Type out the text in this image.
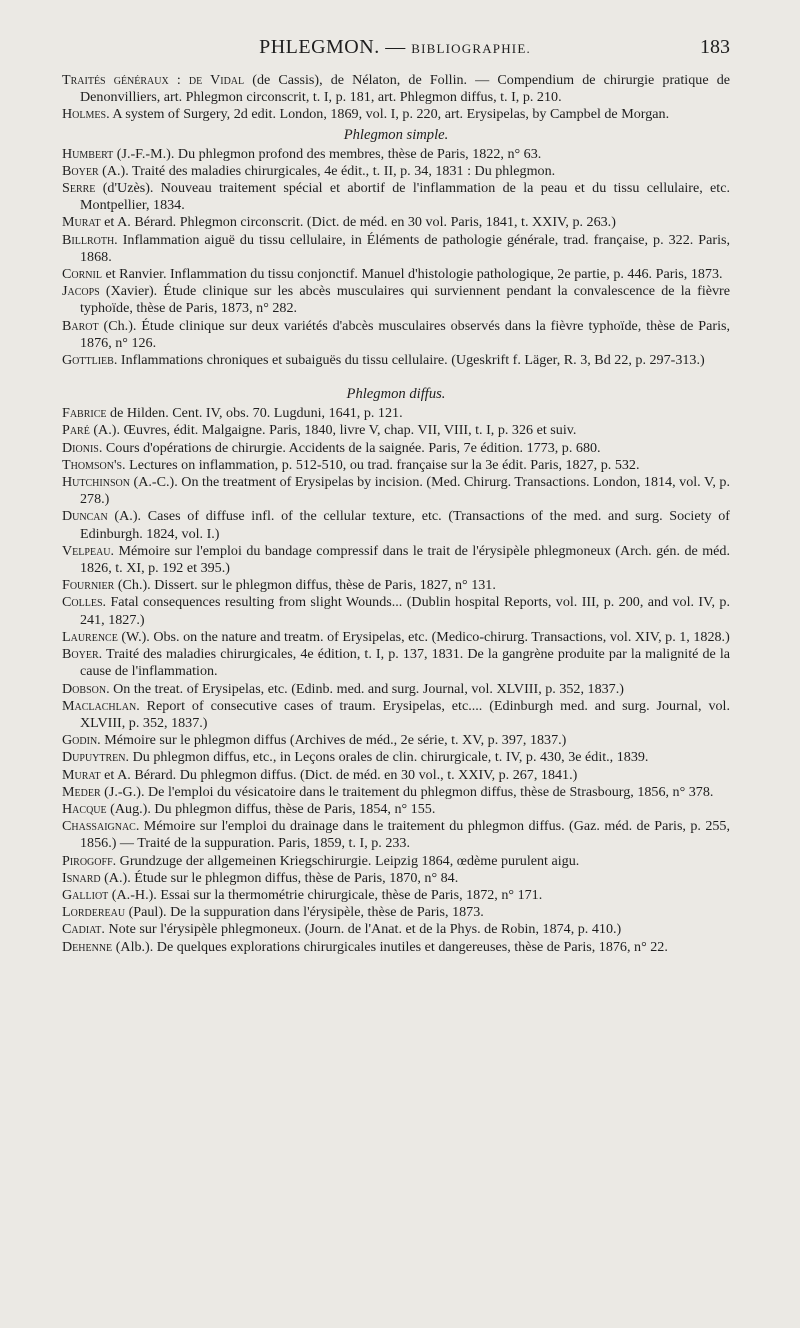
PHLEGMON. — BIBLIOGRAPHIE.	183

Traités généraux : de Vidal (de Cassis), de Nélaton, de Follin. — Compendium de chirurgie pratique de Denonvilliers, art. Phlegmon circonscrit, t. I, p. 181, art. Phlegmon diffus, t. I, p. 210.

Holmes. A system of Surgery, 2d edit. London, 1869, vol. I, p. 220, art. Erysipelas, by Campbel de Morgan.

Phlegmon simple.

Humbert (J.-F.-M.). Du phlegmon profond des membres, thèse de Paris, 1822, n° 63.

Boyer (A.). Traité des maladies chirurgicales, 4e édit., t. II, p. 34, 1831 : Du phlegmon.

Serre (d'Uzès). Nouveau traitement spécial et abortif de l'inflammation de la peau et du tissu cellulaire, etc. Montpellier, 1834.

Murat et A. Bérard. Phlegmon circonscrit. (Dict. de méd. en 30 vol. Paris, 1841, t. XXIV, p. 263.)

Billroth. Inflammation aiguë du tissu cellulaire, in Éléments de pathologie générale, trad. française, p. 322. Paris, 1868.

Cornil et Ranvier. Inflammation du tissu conjonctif. Manuel d'histologie pathologique, 2e partie, p. 446. Paris, 1873.

Jacops (Xavier). Étude clinique sur les abcès musculaires qui surviennent pendant la convalescence de la fièvre typhoïde, thèse de Paris, 1873, n° 282.

Barot (Ch.). Étude clinique sur deux variétés d'abcès musculaires observés dans la fièvre typhoïde, thèse de Paris, 1876, n° 126.

Gottlieb. Inflammations chroniques et subaiguës du tissu cellulaire. (Ugeskrift f. Läger, R. 3, Bd 22, p. 297-313.)

Phlegmon diffus.

Fabrice de Hilden. Cent. IV, obs. 70. Lugduni, 1641, p. 121.

Paré (A.). Œuvres, édit. Malgaigne. Paris, 1840, livre V, chap. VII, VIII, t. I, p. 326 et suiv.

Dionis. Cours d'opérations de chirurgie. Accidents de la saignée. Paris, 7e édition. 1773, p. 680.

Thomson's. Lectures on inflammation, p. 512-510, ou trad. française sur la 3e édit. Paris, 1827, p. 532.

Hutchinson (A.-C.). On the treatment of Erysipelas by incision. (Med. Chirurg. Transactions. London, 1814, vol. V, p. 278.)

Duncan (A.). Cases of diffuse infl. of the cellular texture, etc. (Transactions of the med. and surg. Society of Edinburgh. 1824, vol. I.)

Velpeau. Mémoire sur l'emploi du bandage compressif dans le trait de l'érysipèle phlegmoneux (Arch. gén. de méd. 1826, t. XI, p. 192 et 395.)

Fournier (Ch.). Dissert. sur le phlegmon diffus, thèse de Paris, 1827, n° 131.

Colles. Fatal consequences resulting from slight Wounds... (Dublin hospital Reports, vol. III, p. 200, and vol. IV, p. 241, 1827.)

Laurence (W.). Obs. on the nature and treatm. of Erysipelas, etc. (Medico-chirurg. Transactions, vol. XIV, p. 1, 1828.)

Boyer. Traité des maladies chirurgicales, 4e édition, t. I, p. 137, 1831. De la gangrène produite par la malignité de la cause de l'inflammation.

Dobson. On the treat. of Erysipelas, etc. (Edinb. med. and surg. Journal, vol. XLVIII, p. 352, 1837.)

Maclachlan. Report of consecutive cases of traum. Erysipelas, etc.... (Edinburgh med. and surg. Journal, vol. XLVIII, p. 352, 1837.)

Godin. Mémoire sur le phlegmon diffus (Archives de méd., 2e série, t. XV, p. 397, 1837.)

Dupuytren. Du phlegmon diffus, etc., in Leçons orales de clin. chirurgicale, t. IV, p. 430, 3e édit., 1839.

Murat et A. Bérard. Du phlegmon diffus. (Dict. de méd. en 30 vol., t. XXIV, p. 267, 1841.)

Meder (J.-G.). De l'emploi du vésicatoire dans le traitement du phlegmon diffus, thèse de Strasbourg, 1856, n° 378.

Hacque (Aug.). Du phlegmon diffus, thèse de Paris, 1854, n° 155.

Chassaignac. Mémoire sur l'emploi du drainage dans le traitement du phlegmon diffus. (Gaz. méd. de Paris, p. 255, 1856.) — Traité de la suppuration. Paris, 1859, t. I, p. 233.

Pirogoff. Grundzuge der allgemeinen Kriegschirurgie. Leipzig 1864, œdème purulent aigu.

Isnard (A.). Étude sur le phlegmon diffus, thèse de Paris, 1870, n° 84.

Galliot (A.-H.). Essai sur la thermométrie chirurgicale, thèse de Paris, 1872, n° 171.

Lordereau (Paul). De la suppuration dans l'érysipèle, thèse de Paris, 1873.

Cadiat. Note sur l'érysipèle phlegmoneux. (Journ. de l'Anat. et de la Phys. de Robin, 1874, p. 410.)

Dehenne (Alb.). De quelques explorations chirurgicales inutiles et dangereuses, thèse de Paris, 1876, n° 22.
